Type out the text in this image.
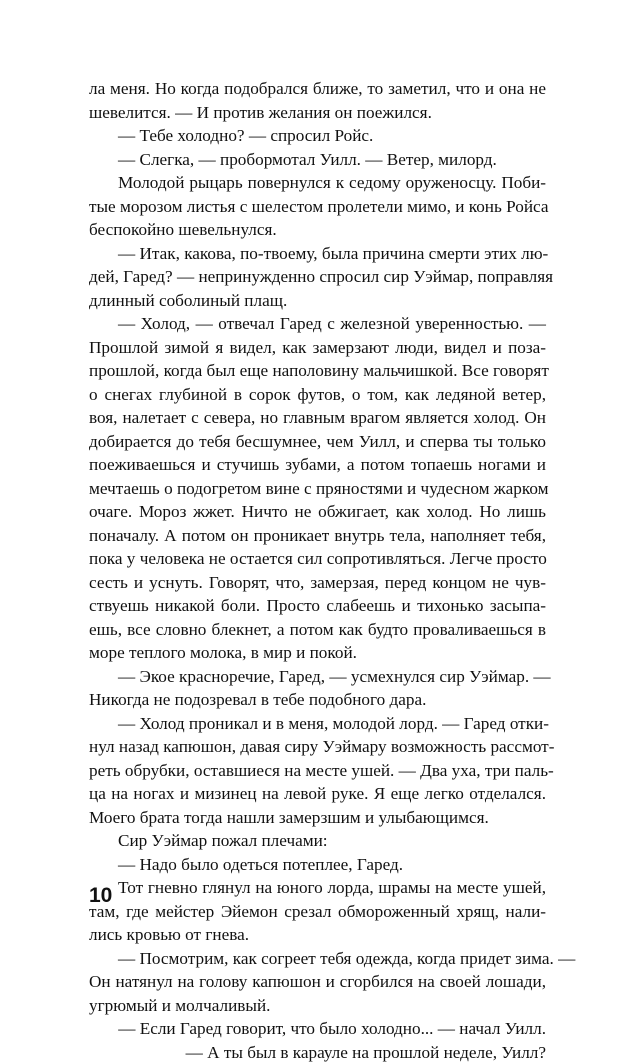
ла меня. Но когда подобрался ближе, то заметил, что и она не
шевелится. — И против желания он поежился.
— Тебе холодно? — спросил Ройс.
— Слегка, — пробормотал Уилл. — Ветер, милорд.
Молодой рыцарь повернулся к седому оруженосцу. Поби-
тые морозом листья с шелестом пролетели мимо, и конь Ройса
беспокойно шевельнулся.
— Итак, какова, по-твоему, была причина смерти этих лю-
дей, Гаред? — непринужденно спросил сир Уэймар, поправляя
длинный соболиный плащ.
— Холод, — отвечал Гаред с железной уверенностью. —
Прошлой зимой я видел, как замерзают люди, видел и поза-
прошлой, когда был еще наполовину мальчишкой. Все говорят
о снегах глубиной в сорок футов, о том, как ледяной ветер,
воя, налетает с севера, но главным врагом является холод. Он
добирается до тебя бесшумнее, чем Уилл, и сперва ты только
поеживаешься и стучишь зубами, а потом топаешь ногами и
мечтаешь о подогретом вине с пряностями и чудесном жарком
очаге. Мороз жжет. Ничто не обжигает, как холод. Но лишь
поначалу. А потом он проникает внутрь тела, наполняет тебя,
пока у человека не остается сил сопротивляться. Легче просто
сесть и уснуть. Говорят, что, замерзая, перед концом не чув-
ствуешь никакой боли. Просто слабеешь и тихонько засыпа-
ешь, все словно блекнет, а потом как будто проваливаешься в
море теплого молока, в мир и покой.
— Экое красноречие, Гаред, — усмехнулся сир Уэймар. —
Никогда не подозревал в тебе подобного дара.
— Холод проникал и в меня, молодой лорд. — Гаред отки-
нул назад капюшон, давая сиру Уэймару возможность рассмот-
реть обрубки, оставшиеся на месте ушей. — Два уха, три паль-
ца на ногах и мизинец на левой руке. Я еще легко отделался.
Моего брата тогда нашли замерзшим и улыбающимся.
Сир Уэймар пожал плечами:
— Надо было одеться потеплее, Гаред.
Тот гневно глянул на юного лорда, шрамы на месте ушей,
там, где мейстер Эйемон срезал обмороженный хрящ, нали-
лись кровью от гнева.
— Посмотрим, как согреет тебя одежда, когда придет зима. —
Он натянул на голову капюшон и сгорбился на своей лошади,
угрюмый и молчаливый.
— Если Гаред говорит, что было холодно... — начал Уилл.
— А ты был в карауле на прошлой неделе, Уилл?
10
